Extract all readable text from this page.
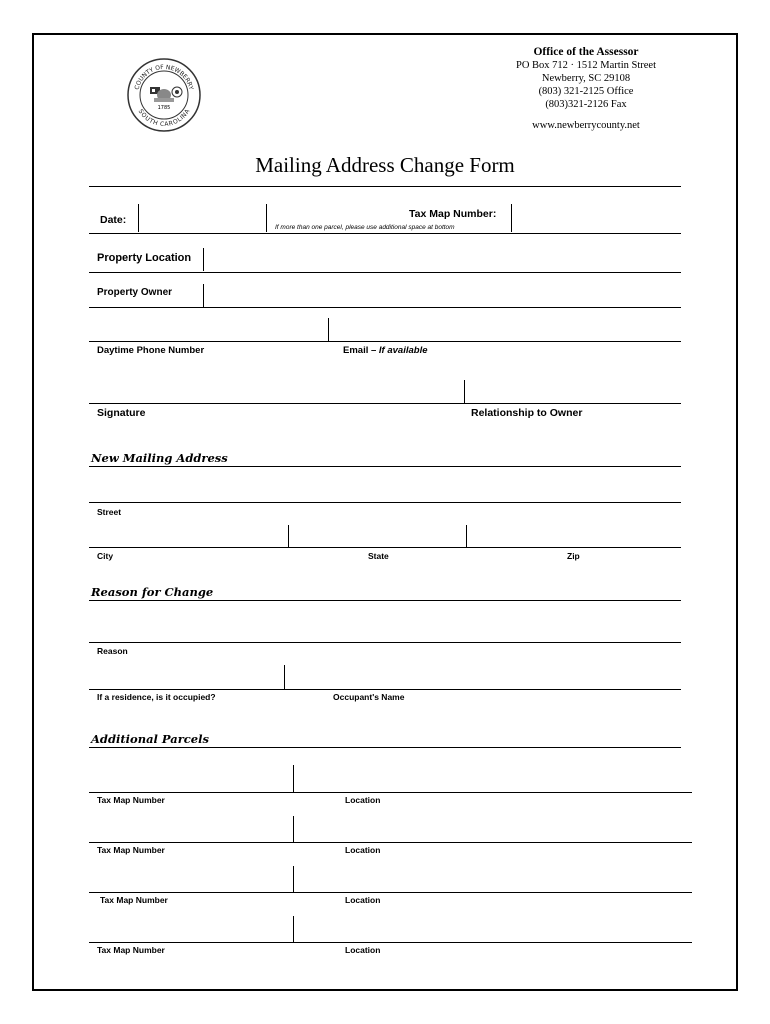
COUNTY OF NEWBERRY
SOUTH CAROLINA
1785
Office of the Assessor
PO Box 712 · 1512 Martin Street
Newberry, SC 29108
(803) 321-2125 Office
(803)321-2126 Fax
www.newberrycounty.net
Mailing Address Change Form
Date:	Tax Map Number:
If more than one parcel, please use additional space at bottom
Property Location
Property Owner
Daytime Phone Number	Email – If available
Signature	Relationship to Owner
New Mailing Address
Street
City	State	Zip
Reason for Change
Reason
If a residence, is it occupied?	Occupant's Name
Additional Parcels
Tax Map Number	Location
Tax Map Number	Location
Tax Map Number	Location
Tax Map Number	Location
